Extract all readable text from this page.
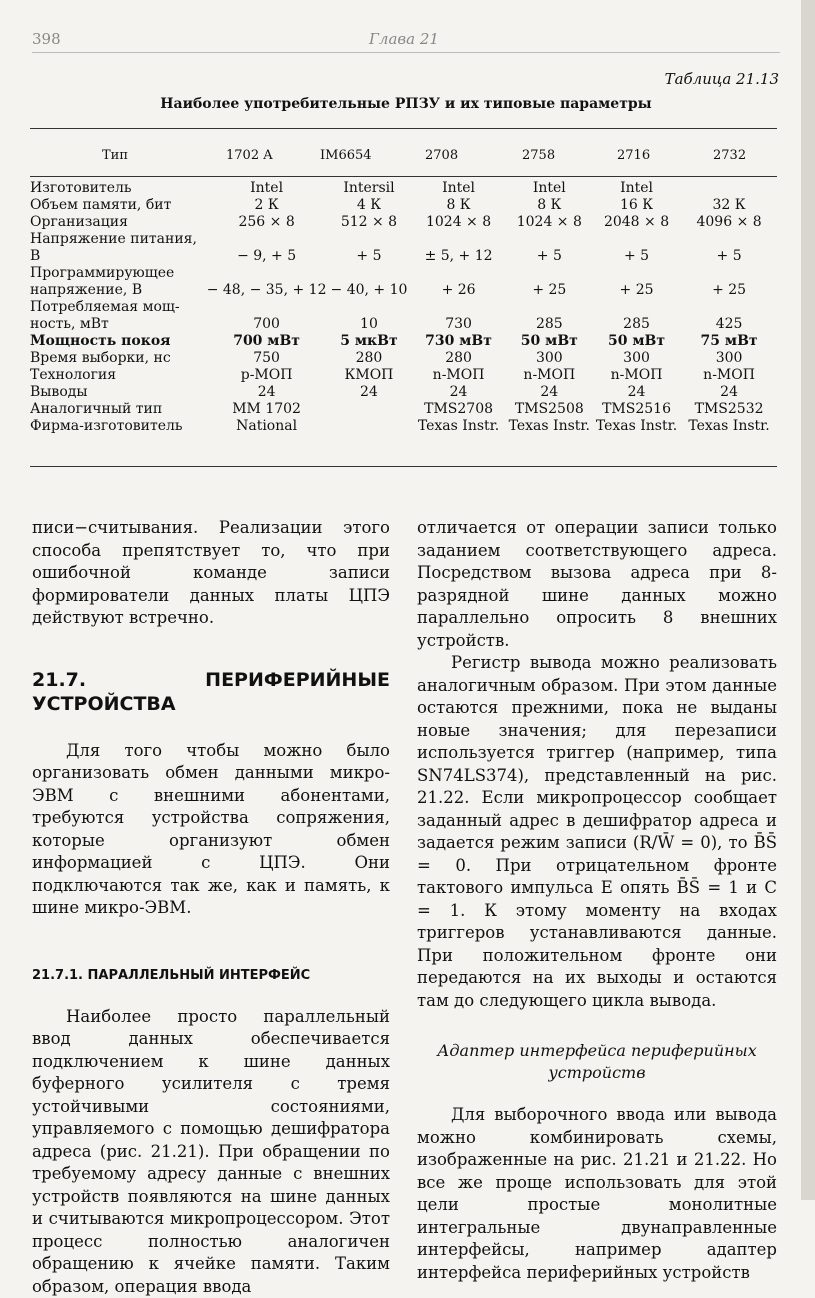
398	Глава 21
Таблица 21.13
Наиболее употребительные РПЗУ и их типовые параметры
Тип	1702 A	IM6654	2708	2758	2716	2732
Изготовитель	Intel	Intersil	Intel	Intel	Intel	
Объем памяти, бит	2 К	4 К	8 К	8 К	16 К	32 К
Организация	256 × 8	512 × 8	1024 × 8	1024 × 8	2048 × 8	4096 × 8
Напряжение питания,						
В	− 9, + 5	+ 5	± 5, + 12	+ 5	+ 5	+ 5
Программирующее						
напряжение, В	− 48, − 35, + 12	− 40, + 10	+ 26	+ 25	+ 25	+ 25
Потребляемая мощ-						
ность, мВт	700	10	730	285	285	425
Мощность покоя	700 мВт	5 мкВт	730 мВт	50 мВт	50 мВт	75 мВт
Время выборки, нс	750	280	280	300	300	300
Технология	p-МОП	КМОП	n-МОП	n-МОП	n-МОП	n-МОП
Выводы	24	24	24	24	24	24
Аналогичный тип	MM 1702		TMS2708	TMS2508	TMS2516	TMS2532
Фирма-изготовитель	National		Texas Instr.	Texas Instr.	Texas Instr.	Texas Instr.

писи−считывания. Реализации этого способа препятствует то, что при ошибочной команде записи формирователи данных платы ЦПЭ действуют встречно.

21.7. ПЕРИФЕРИЙНЫЕ УСТРОЙСТВА

Для того чтобы можно было организовать обмен данными микро-ЭВМ с внешними абонентами, требуются устройства сопряжения, которые организуют обмен информацией с ЦПЭ. Они подключаются так же, как и память, к шине микро-ЭВМ.

21.7.1. ПАРАЛЛЕЛЬНЫЙ ИНТЕРФЕЙС

Наиболее просто параллельный ввод данных обеспечивается подключением к шине данных буферного усилителя с тремя устойчивыми состояниями, управляемого с помощью дешифратора адреса (рис. 21.21). При обращении по требуемому адресу данные с внешних устройств появляются на шине данных и считываются микропроцессором. Этот процесс полностью аналогичен обращению к ячейке памяти. Таким образом, операция ввода

отличается от операции записи только заданием соответствующего адреса. Посредством вызова адреса при 8-разрядной шине данных можно параллельно опросить 8 внешних устройств.

Регистр вывода можно реализовать аналогичным образом. При этом данные остаются прежними, пока не выданы новые значения; для перезаписи используется триггер (например, типа SN74LS374), представленный на рис. 21.22. Если микропроцессор сообщает заданный адрес в дешифратор адреса и задается режим записи (R/W̄ = 0), то B̄S̄ = 0. При отрицательном фронте тактового импульса E опять B̄S̄ = 1 и C = 1. К этому моменту на входах триггеров устанавливаются данные. При положительном фронте они передаются на их выходы и остаются там до следующего цикла вывода.

Адаптер интерфейса периферийных устройств

Для выборочного ввода или вывода можно комбинировать схемы, изображенные на рис. 21.21 и 21.22. Но все же проще использовать для этой цели простые монолитные интегральные двунаправленные интерфейсы, например адаптер интерфейса периферийных устройств
